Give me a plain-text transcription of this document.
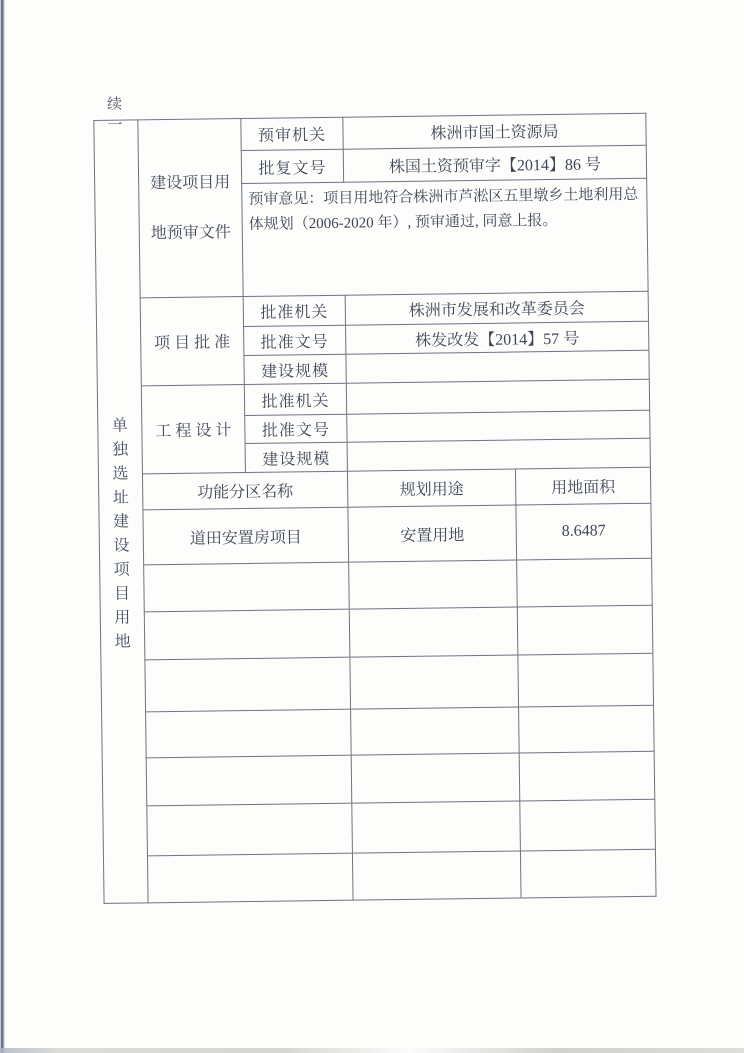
续一
单独选址建设项目用地	建设项目用
地预审文件	预审机关	株洲市国土资源局	
		批复文号	株国土资预审字【2014】86 号	

		预审意见：项目用地符合株洲市芦淞区五里墩乡土地利用总
体规划（2006-2020 年）, 预审通过, 同意上报。		

	项 目 批 准	批准机关	株洲市发展和改革委员会	
		批准文号	株发改发【2014】57 号	
		建设规模		
	工 程 设 计	批准机关		
		批准文号		
		建设规模		
	功能分区名称		规划用途	用地面积
	道田安置房项目		安置用地	8.6487
